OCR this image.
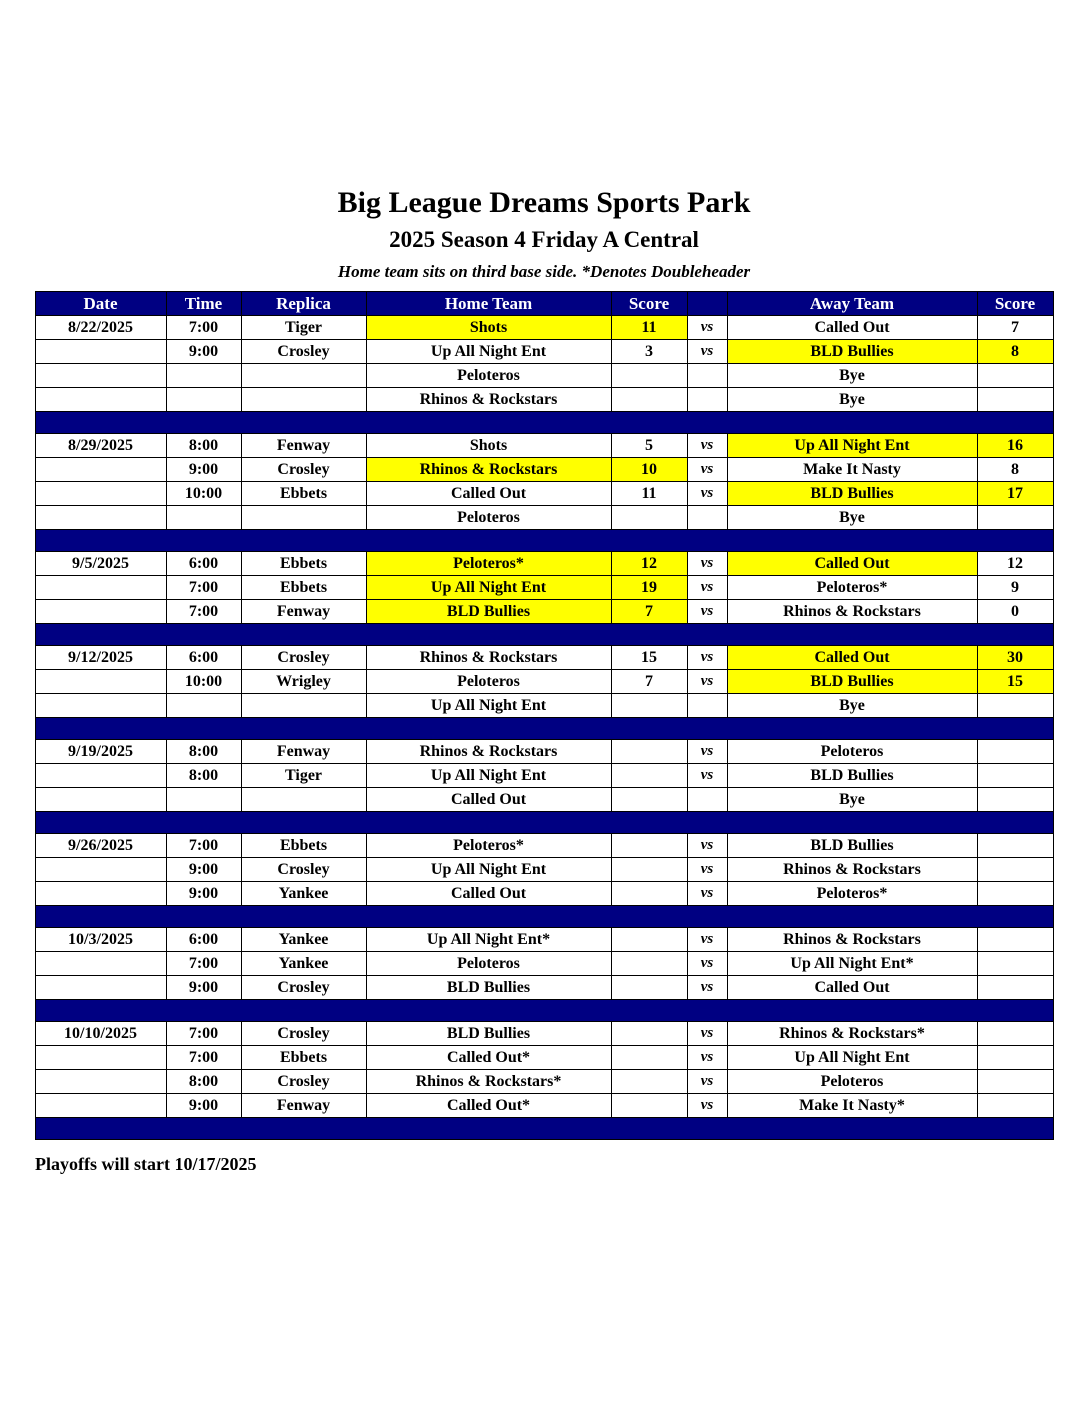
Big League Dreams Sports Park
2025 Season 4 Friday A Central
Home team sits on third base side. *Denotes Doubleheader
Date	Time	Replica	Home Team	Score		Away Team	Score
8/22/2025	7:00	Tiger	Shots	11	vs	Called Out	7
	9:00	Crosley	Up All Night Ent	3	vs	BLD Bullies	8
			Peloteros			Bye	
			Rhinos & Rockstars			Bye	

8/29/2025	8:00	Fenway	Shots	5	vs	Up All Night Ent	16
	9:00	Crosley	Rhinos & Rockstars	10	vs	Make It Nasty	8
	10:00	Ebbets	Called Out	11	vs	BLD Bullies	17
			Peloteros			Bye	

9/5/2025	6:00	Ebbets	Peloteros*	12	vs	Called Out	12
	7:00	Ebbets	Up All Night Ent	19	vs	Peloteros*	9
	7:00	Fenway	BLD Bullies	7	vs	Rhinos & Rockstars	0

9/12/2025	6:00	Crosley	Rhinos & Rockstars	15	vs	Called Out	30
	10:00	Wrigley	Peloteros	7	vs	BLD Bullies	15
			Up All Night Ent			Bye	

9/19/2025	8:00	Fenway	Rhinos & Rockstars		vs	Peloteros	
	8:00	Tiger	Up All Night Ent		vs	BLD Bullies	
			Called Out			Bye	

9/26/2025	7:00	Ebbets	Peloteros*		vs	BLD Bullies	
	9:00	Crosley	Up All Night Ent		vs	Rhinos & Rockstars	
	9:00	Yankee	Called Out		vs	Peloteros*	

10/3/2025	6:00	Yankee	Up All Night Ent*		vs	Rhinos & Rockstars	
	7:00	Yankee	Peloteros		vs	Up All Night Ent*	
	9:00	Crosley	BLD Bullies		vs	Called Out	

10/10/2025	7:00	Crosley	BLD Bullies		vs	Rhinos & Rockstars*	
	7:00	Ebbets	Called Out*		vs	Up All Night Ent	
	8:00	Crosley	Rhinos & Rockstars*		vs	Peloteros	
	9:00	Fenway	Called Out*		vs	Make It Nasty*	

Playoffs will start 10/17/2025
